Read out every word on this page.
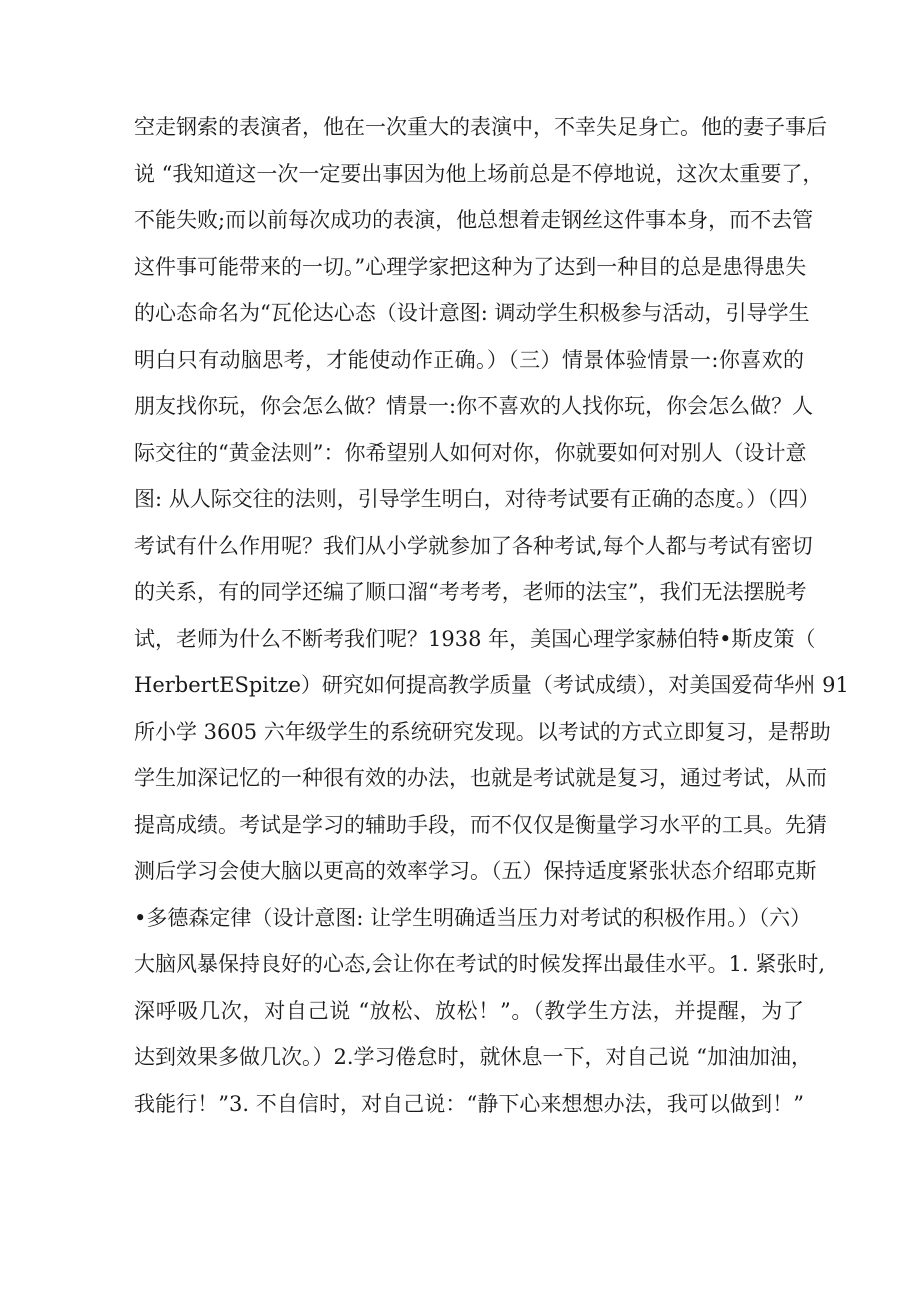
空走钢索的表演者，他在一次重大的表演中，不幸失足身亡。他的妻子事后
说 “我知道这一次一定要出事因为他上场前总是不停地说，这次太重要了，
不能失败;而以前每次成功的表演，他总想着走钢丝这件事本身，而不去管
这件事可能带来的一切。”心理学家把这种为了达到一种目的总是患得患失
的心态命名为“瓦伦达心态（设计意图: 调动学生积极参与活动，引导学生
明白只有动脑思考，才能使动作正确。）（三）情景体验情景一:你喜欢的
朋友找你玩，你会怎么做？情景一:你不喜欢的人找你玩，你会怎么做？人
际交往的“黄金法则”：你希望别人如何对你，你就要如何对别人（设计意
图: 从人际交往的法则，引导学生明白，对待考试要有正确的态度。）（四）
考试有什么作用呢？我们从小学就参加了各种考试,每个人都与考试有密切
的关系，有的同学还编了顺口溜“考考考，老师的法宝”，我们无法摆脱考
试，老师为什么不断考我们呢？1938 年，美国心理学家赫伯特•斯皮策（
HerbertESpitze）研究如何提高教学质量（考试成绩），对美国爱荷华州 91
所小学 3605 六年级学生的系统研究发现。以考试的方式立即复习，是帮助
学生加深记忆的一种很有效的办法，也就是考试就是复习，通过考试，从而
提高成绩。考试是学习的辅助手段，而不仅仅是衡量学习水平的工具。先猜
测后学习会使大脑以更高的效率学习。（五）保持适度紧张状态介绍耶克斯
•多德森定律（设计意图: 让学生明确适当压力对考试的积极作用。）（六）
大脑风暴保持良好的心态,会让你在考试的时候发挥出最佳水平。1. 紧张时,
深呼吸几次，对自己说 “放松、放松！”。（教学生方法，并提醒，为了
达到效果多做几次。）2.学习倦怠时，就休息一下，对自己说 “加油加油，
我能行！”3. 不自信时，对自己说：“静下心来想想办法，我可以做到！”
